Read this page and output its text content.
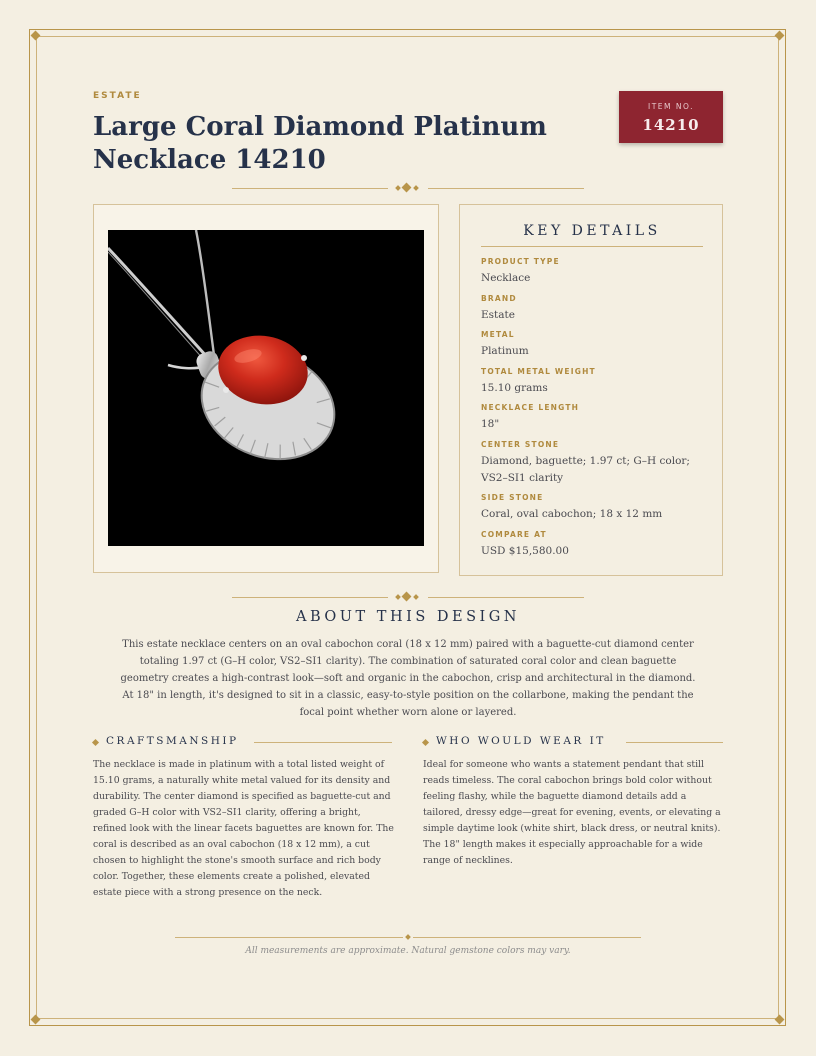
ESTATE
Large Coral Diamond Platinum Necklace 14210
ITEM NO.
14210
KEY DETAILS
PRODUCT TYPE
Necklace
BRAND
Estate
METAL
Platinum
TOTAL METAL WEIGHT
15.10 grams
NECKLACE LENGTH
18"
CENTER STONE
Diamond, baguette; 1.97 ct; G–H color; VS2–SI1 clarity
SIDE STONE
Coral, oval cabochon; 18 x 12 mm
COMPARE AT
USD $15,580.00
ABOUT THIS DESIGN
This estate necklace centers on an oval cabochon coral (18 x 12 mm) paired with a baguette-cut diamond center totaling 1.97 ct (G–H color, VS2–SI1 clarity). The combination of saturated coral color and clean baguette geometry creates a high-contrast look—soft and organic in the cabochon, crisp and architectural in the diamond. At 18" in length, it's designed to sit in a classic, easy-to-style position on the collarbone, making the pendant the focal point whether worn alone or layered.
CRAFTSMANSHIP
The necklace is made in platinum with a total listed weight of 15.10 grams, a naturally white metal valued for its density and durability. The center diamond is specified as baguette-cut and graded G–H color with VS2–SI1 clarity, offering a bright, refined look with the linear facets baguettes are known for. The coral is described as an oval cabochon (18 x 12 mm), a cut chosen to highlight the stone's smooth surface and rich body color. Together, these elements create a polished, elevated estate piece with a strong presence on the neck.
WHO WOULD WEAR IT
Ideal for someone who wants a statement pendant that still reads timeless. The coral cabochon brings bold color without feeling flashy, while the baguette diamond details add a tailored, dressy edge—great for evening, events, or elevating a simple daytime look (white shirt, black dress, or neutral knits). The 18" length makes it especially approachable for a wide range of necklines.
All measurements are approximate. Natural gemstone colors may vary.
